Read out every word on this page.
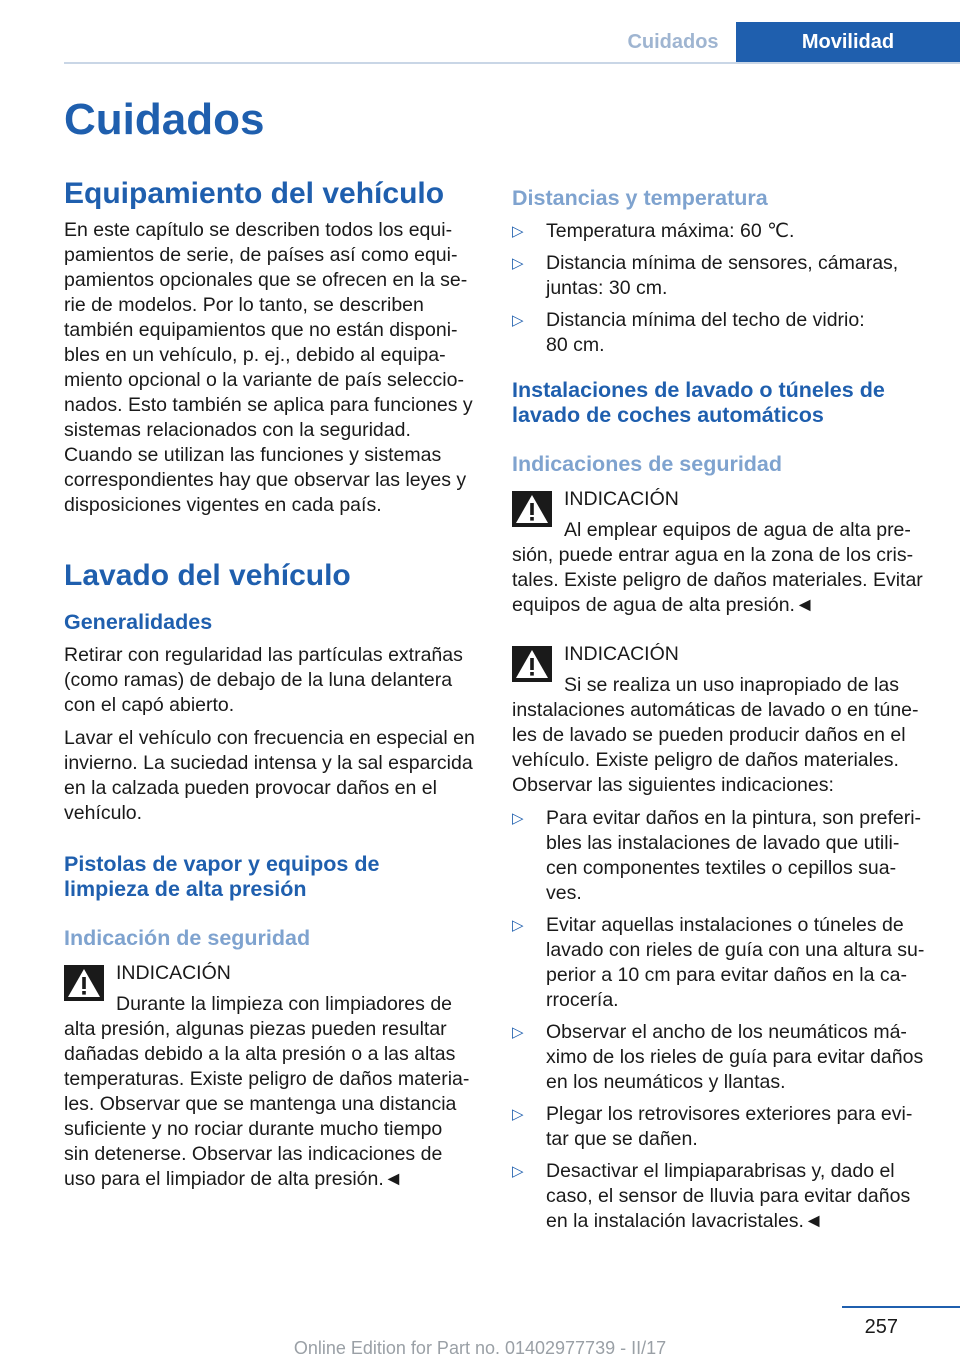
Cuidados	Movilidad
Cuidados
Equipamiento del vehículo

En este capítulo se describen todos los equi-
pamientos de serie, de países así como equi-
pamientos opcionales que se ofrecen en la se-
rie de modelos. Por lo tanto, se describen
también equipamientos que no están disponi-
bles en un vehículo, p. ej., debido al equipa-
miento opcional o la variante de país seleccio-
nados. Esto también se aplica para funciones y
sistemas relacionados con la seguridad.
Cuando se utilizan las funciones y sistemas
correspondientes hay que observar las leyes y
disposiciones vigentes en cada país.

Lavado del vehículo
Generalidades

Retirar con regularidad las partículas extrañas
(como ramas) de debajo de la luna delantera
con el capó abierto.

Lavar el vehículo con frecuencia en especial en
invierno. La suciedad intensa y la sal esparcida
en la calzada pueden provocar daños en el
vehículo.

Pistolas de vapor y equipos de
limpieza de alta presión
Indicación de seguridad
INDICACIÓN
Durante la limpieza con limpiadores de
alta presión, algunas piezas pueden resultar
dañadas debido a la alta presión o a las altas
temperaturas. Existe peligro de daños materia-
les. Observar que se mantenga una distancia
suficiente y no rociar durante mucho tiempo
sin detenerse. Observar las indicaciones de
uso para el limpiador de alta presión.◄
Distancias y temperatura
▷	Temperatura máxima: 60 ℃.
▷	Distancia mínima de sensores, cámaras,
juntas: 30 cm.
▷	Distancia mínima del techo de vidrio:
80 cm.
Instalaciones de lavado o túneles de
lavado de coches automáticos
Indicaciones de seguridad
INDICACIÓN
Al emplear equipos de agua de alta pre-
sión, puede entrar agua en la zona de los cris-
tales. Existe peligro de daños materiales. Evitar
equipos de agua de alta presión.◄
INDICACIÓN
Si se realiza un uso inapropiado de las
instalaciones automáticas de lavado o en túne-
les de lavado se pueden producir daños en el
vehículo. Existe peligro de daños materiales.
Observar las siguientes indicaciones:
▷	Para evitar daños en la pintura, son preferi-
bles las instalaciones de lavado que utili-
cen componentes textiles o cepillos sua-
ves.
▷	Evitar aquellas instalaciones o túneles de
lavado con rieles de guía con una altura su-
perior a 10 cm para evitar daños en la ca-
rrocería.
▷	Observar el ancho de los neumáticos má-
ximo de los rieles de guía para evitar daños
en los neumáticos y llantas.
▷	Plegar los retrovisores exteriores para evi-
tar que se dañen.
▷	Desactivar el limpiaparabrisas y, dado el
caso, el sensor de lluvia para evitar daños
en la instalación lavacristales.◄
257
Online Edition for Part no. 01402977739 - II/17
